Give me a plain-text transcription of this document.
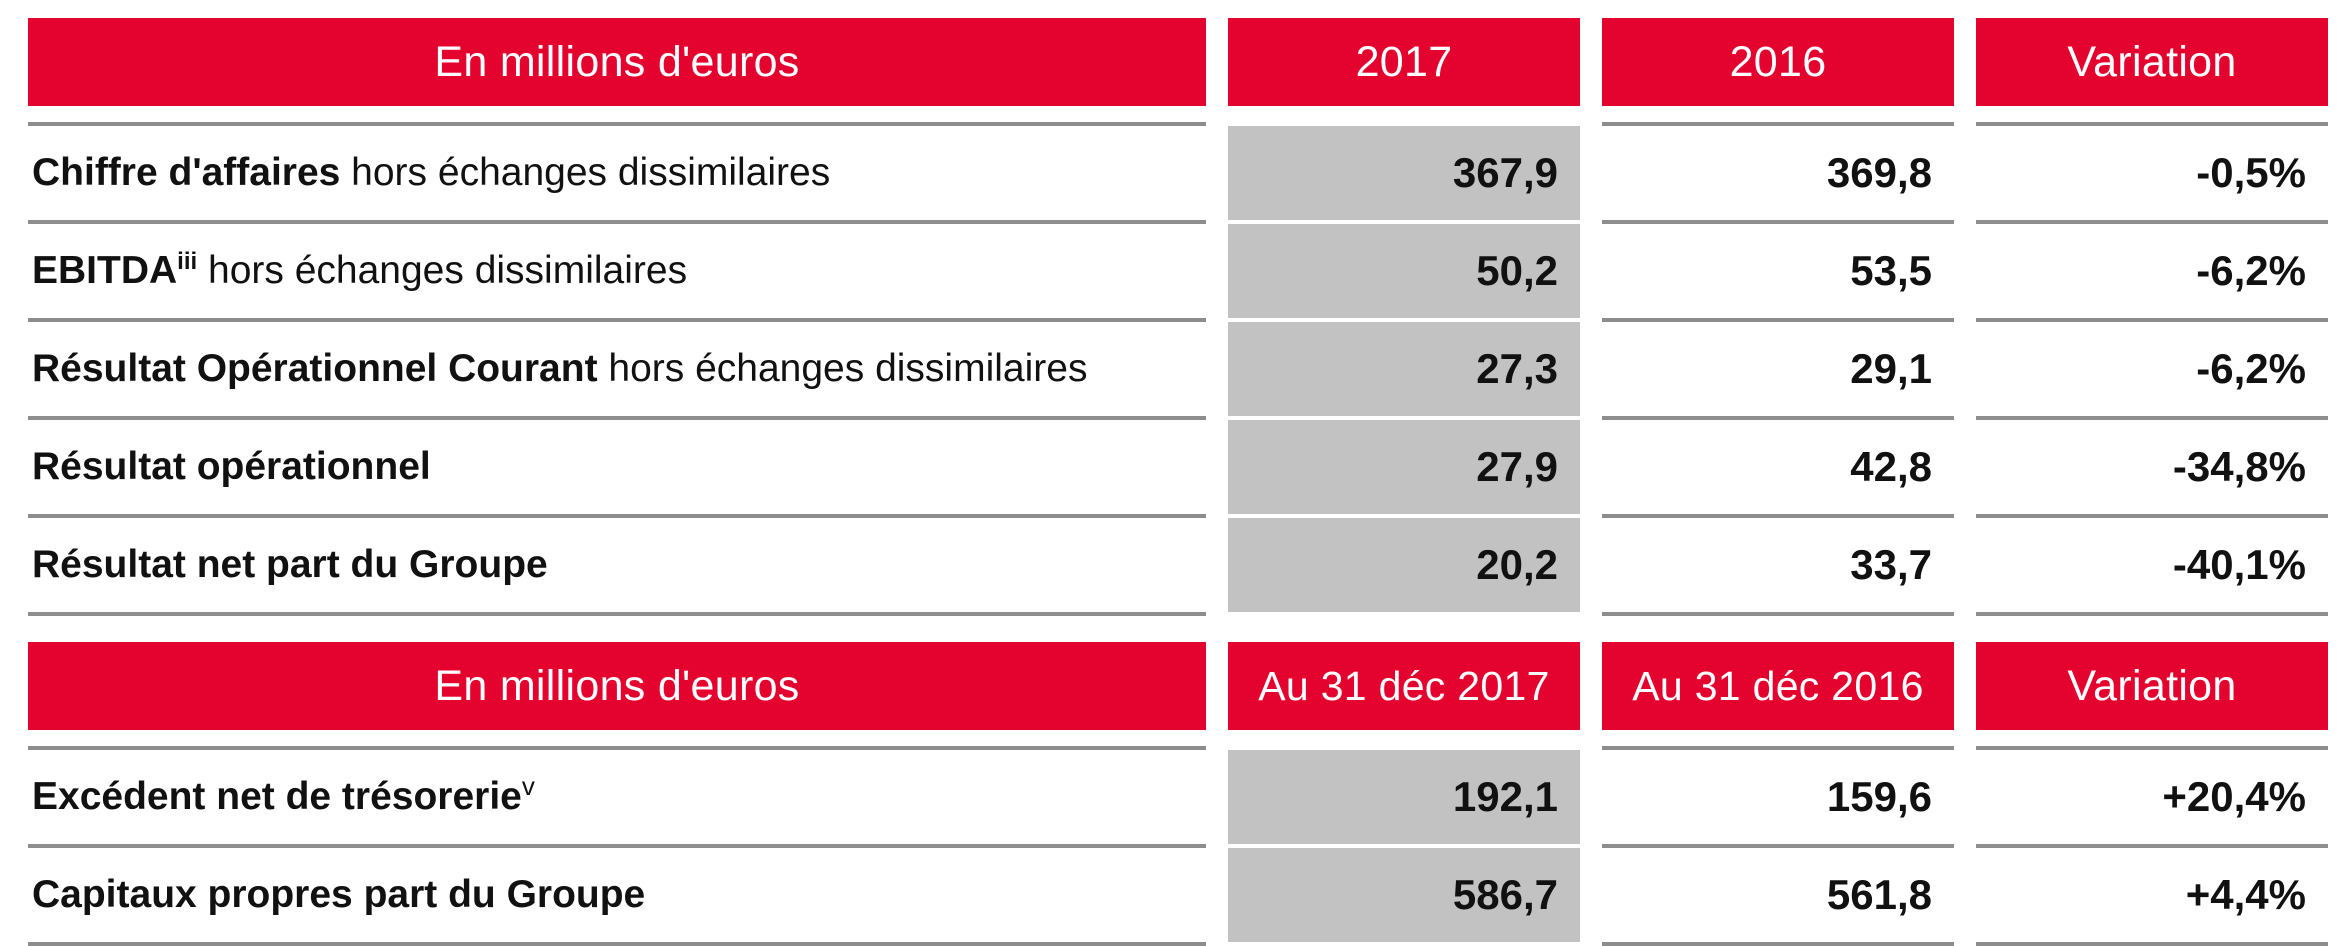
En millions d'euros		2017		2016		Variation

Chiffre d'affaires hors échanges dissimilaires		367,9		369,8		-0,5%
EBITDA$^{iii}$ hors échanges dissimilaires		50,2		53,5		-6,2%
Résultat Opérationnel Courant hors échanges dissimilaires		27,3		29,1		-6,2%
Résultat opérationnel		27,9		42,8		-34,8%
Résultat net part du Groupe		20,2		33,7		-40,1%
En millions d'euros		Au 31 déc 2017		Au 31 déc 2016		Variation

Excédent net de trésorerie$^v$		192,1		159,6		+20,4%
Capitaux propres part du Groupe		586,7		561,8		+4,4%
